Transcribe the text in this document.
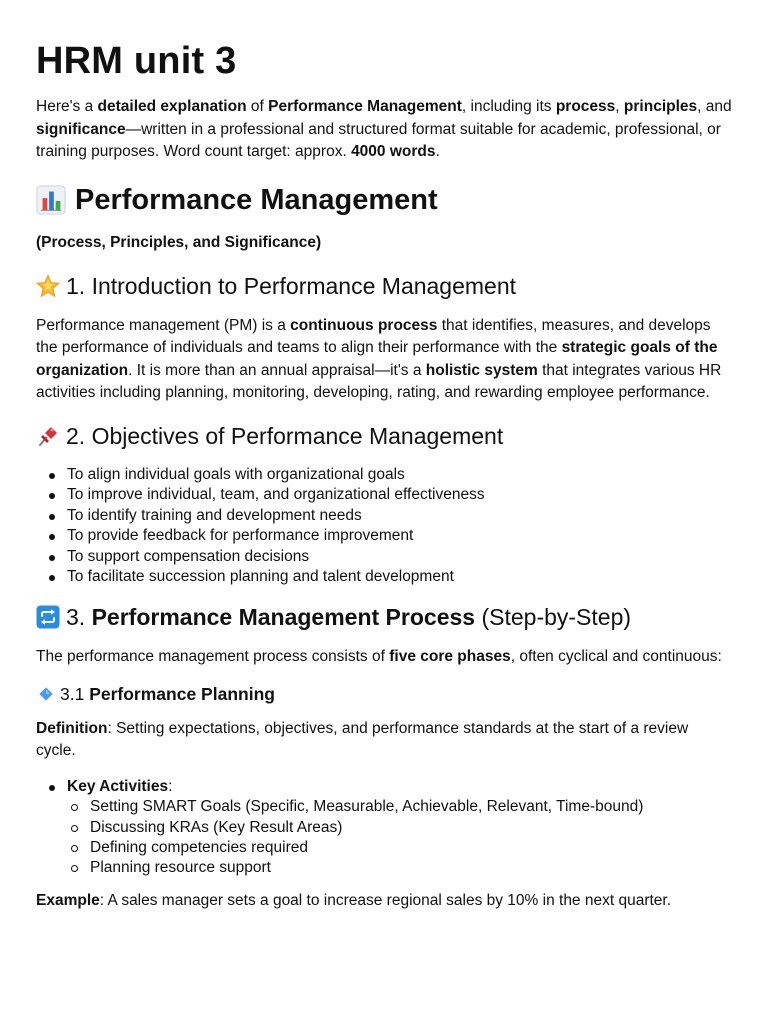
HRM unit 3

Here's a detailed explanation of Performance Management, including its process, principles, and significance—written in a professional and structured format suitable for academic, professional, or training purposes. Word count target: approx. 4000 words.

Performance Management
(Process, Principles, and Significance)
1. Introduction to Performance Management

Performance management (PM) is a continuous process that identifies, measures, and develops the performance of individuals and teams to align their performance with the strategic goals of the organization. It is more than an annual appraisal—it's a holistic system that integrates various HR activities including planning, monitoring, developing, rating, and rewarding employee performance.

2. Objectives of Performance Management
To align individual goals with organizational goals
To improve individual, team, and organizational effectiveness
To identify training and development needs
To provide feedback for performance improvement
To support compensation decisions
To facilitate succession planning and talent development
3. Performance Management Process (Step-by-Step)

The performance management process consists of five core phases, often cyclical and continuous:

3.1 Performance Planning

Definition: Setting expectations, objectives, and performance standards at the start of a review cycle.

Key Activities:
Setting SMART Goals (Specific, Measurable, Achievable, Relevant, Time-bound)
Discussing KRAs (Key Result Areas)
Defining competencies required
Planning resource support

Example: A sales manager sets a goal to increase regional sales by 10% in the next quarter.
